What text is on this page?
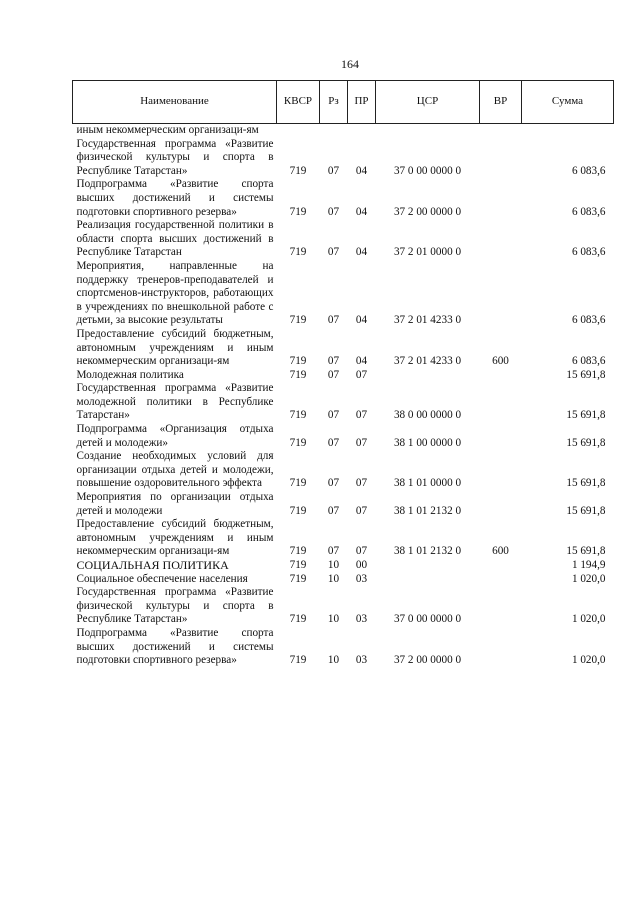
164
Наименование	КВСР	Рз	ПР	ЦСР	ВР	Сумма
иным некоммерческим организаци-ям						
Государственная программа «Развитие физической культуры и спорта в Республике Татарстан»	719	07	04	37 0 00 0000 0		6 083,6
Подпрограмма «Развитие спорта высших достижений и системы подготовки спортивного резерва»	719	07	04	37 2 00 0000 0		6 083,6
Реализация государственной политики в области спорта высших достижений в Республике Татарстан	719	07	04	37 2 01 0000 0		6 083,6
Мероприятия, направленные на поддержку тренеров-преподавателей и спортсменов-инструкторов, работающих в учреждениях по внешкольной работе с детьми, за высокие результаты	719	07	04	37 2 01 4233 0		6 083,6
Предоставление субсидий бюджетным, автономным учреждениям и иным некоммерческим организаци-ям	719	07	04	37 2 01 4233 0	600	6 083,6
Молодежная политика	719	07	07			15 691,8
Государственная программа «Развитие молодежной политики в Республике Татарстан»	719	07	07	38 0 00 0000 0		15 691,8
Подпрограмма «Организация отдыха детей и молодежи»	719	07	07	38 1 00 0000 0		15 691,8
Создание необходимых условий для организации отдыха детей и молодежи, повышение оздоровительного эффекта	719	07	07	38 1 01 0000 0		15 691,8
Мероприятия по организации отдыха детей и молодежи	719	07	07	38 1 01 2132 0		15 691,8
Предоставление субсидий бюджетным, автономным учреждениям и иным некоммерческим организаци-ям	719	07	07	38 1 01 2132 0	600	15 691,8
СОЦИАЛЬНАЯ ПОЛИТИКА	719	10	00			1 194,9
Социальное обеспечение населения	719	10	03			1 020,0
Государственная программа «Развитие физической культуры и спорта в Республике Татарстан»	719	10	03	37 0 00 0000 0		1 020,0
Подпрограмма «Развитие спорта высших достижений и системы подготовки спортивного резерва»	719	10	03	37 2 00 0000 0		1 020,0
